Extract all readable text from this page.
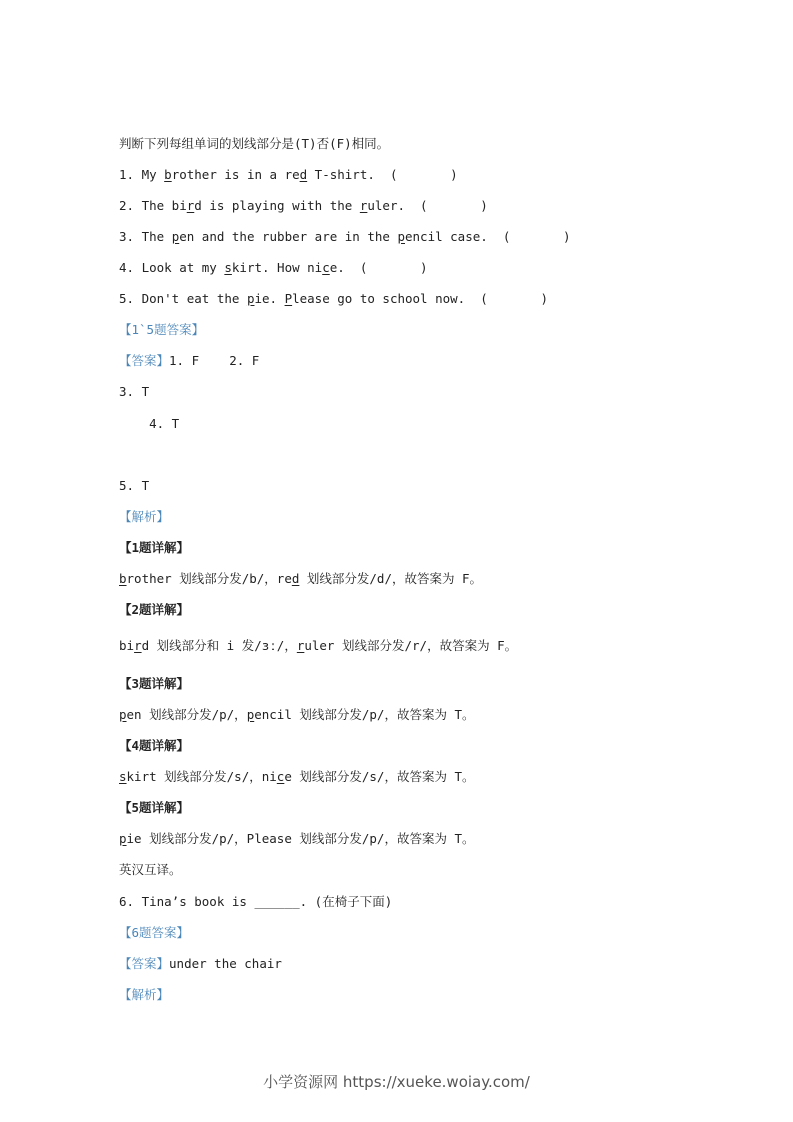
判断下列每组单词的划线部分是(T)否(F)相同。
1. My brother is in a red T-shirt.  (       )
2. The bird is playing with the ruler.  (       )
3. The pen and the rubber are in the pencil case.  (       )
4. Look at my skirt. How nice.  (       )
5. Don't eat the pie. Please go to school now.  (       )
【1`5题答案】
【答案】1. F    2. F
3. T
4. T
5. T
【解析】
【1题详解】
brother 划线部分发/b/，red 划线部分发/d/，故答案为 F。
【2题详解】
bird 划线部分和 i 发/ɜː/，ruler 划线部分发/r/，故答案为 F。
【3题详解】
pen 划线部分发/p/，pencil 划线部分发/p/，故答案为 T。
【4题详解】
skirt 划线部分发/s/，nice 划线部分发/s/，故答案为 T。
【5题详解】
pie 划线部分发/p/，Please 划线部分发/p/，故答案为 T。
英汉互译。
6. Tina’s book is ______. (在椅子下面)
【6题答案】
【答案】under the chair
【解析】
小学资源网 https://xueke.woiay.com/
